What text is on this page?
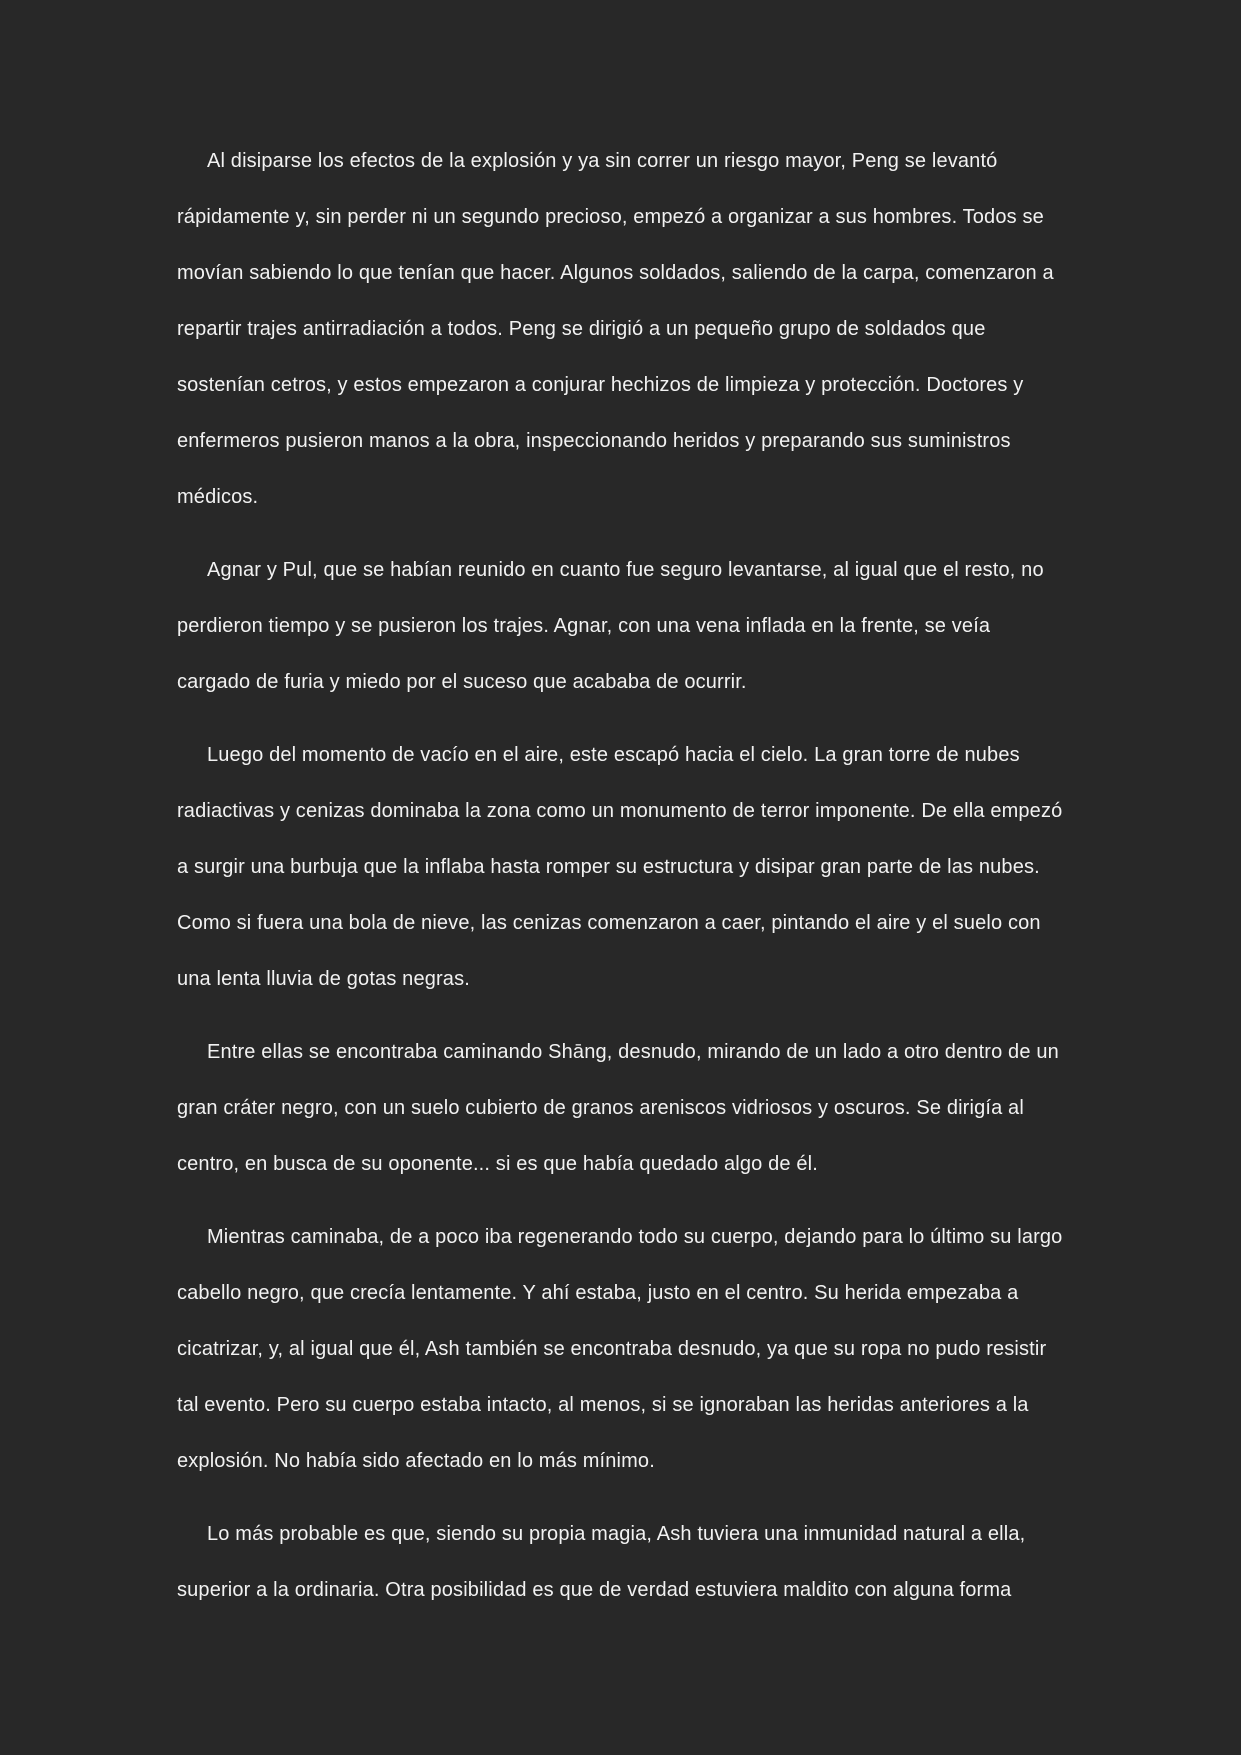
Al disiparse los efectos de la explosión y ya sin correr un riesgo mayor, Peng se levantó rápidamente y, sin perder ni un segundo precioso, empezó a organizar a sus hombres. Todos se movían sabiendo lo que tenían que hacer. Algunos soldados, saliendo de la carpa, comenzaron a repartir trajes antirradiación a todos. Peng se dirigió a un pequeño grupo de soldados que sostenían cetros, y estos empezaron a conjurar hechizos de limpieza y protección. Doctores y enfermeros pusieron manos a la obra, inspeccionando heridos y preparando sus suministros médicos.

Agnar y Pul, que se habían reunido en cuanto fue seguro levantarse, al igual que el resto, no perdieron tiempo y se pusieron los trajes. Agnar, con una vena inflada en la frente, se veía cargado de furia y miedo por el suceso que acababa de ocurrir.

Luego del momento de vacío en el aire, este escapó hacia el cielo. La gran torre de nubes radiactivas y cenizas dominaba la zona como un monumento de terror imponente. De ella empezó a surgir una burbuja que la inflaba hasta romper su estructura y disipar gran parte de las nubes. Como si fuera una bola de nieve, las cenizas comenzaron a caer, pintando el aire y el suelo con una lenta lluvia de gotas negras.

Entre ellas se encontraba caminando Shāng, desnudo, mirando de un lado a otro dentro de un gran cráter negro, con un suelo cubierto de granos areniscos vidriosos y oscuros. Se dirigía al centro, en busca de su oponente... si es que había quedado algo de él.

Mientras caminaba, de a poco iba regenerando todo su cuerpo, dejando para lo último su largo cabello negro, que crecía lentamente. Y ahí estaba, justo en el centro. Su herida empezaba a cicatrizar, y, al igual que él, Ash también se encontraba desnudo, ya que su ropa no pudo resistir tal evento. Pero su cuerpo estaba intacto, al menos, si se ignoraban las heridas anteriores a la explosión. No había sido afectado en lo más mínimo.

Lo más probable es que, siendo su propia magia, Ash tuviera una inmunidad natural a ella, superior a la ordinaria. Otra posibilidad es que de verdad estuviera maldito con alguna forma
